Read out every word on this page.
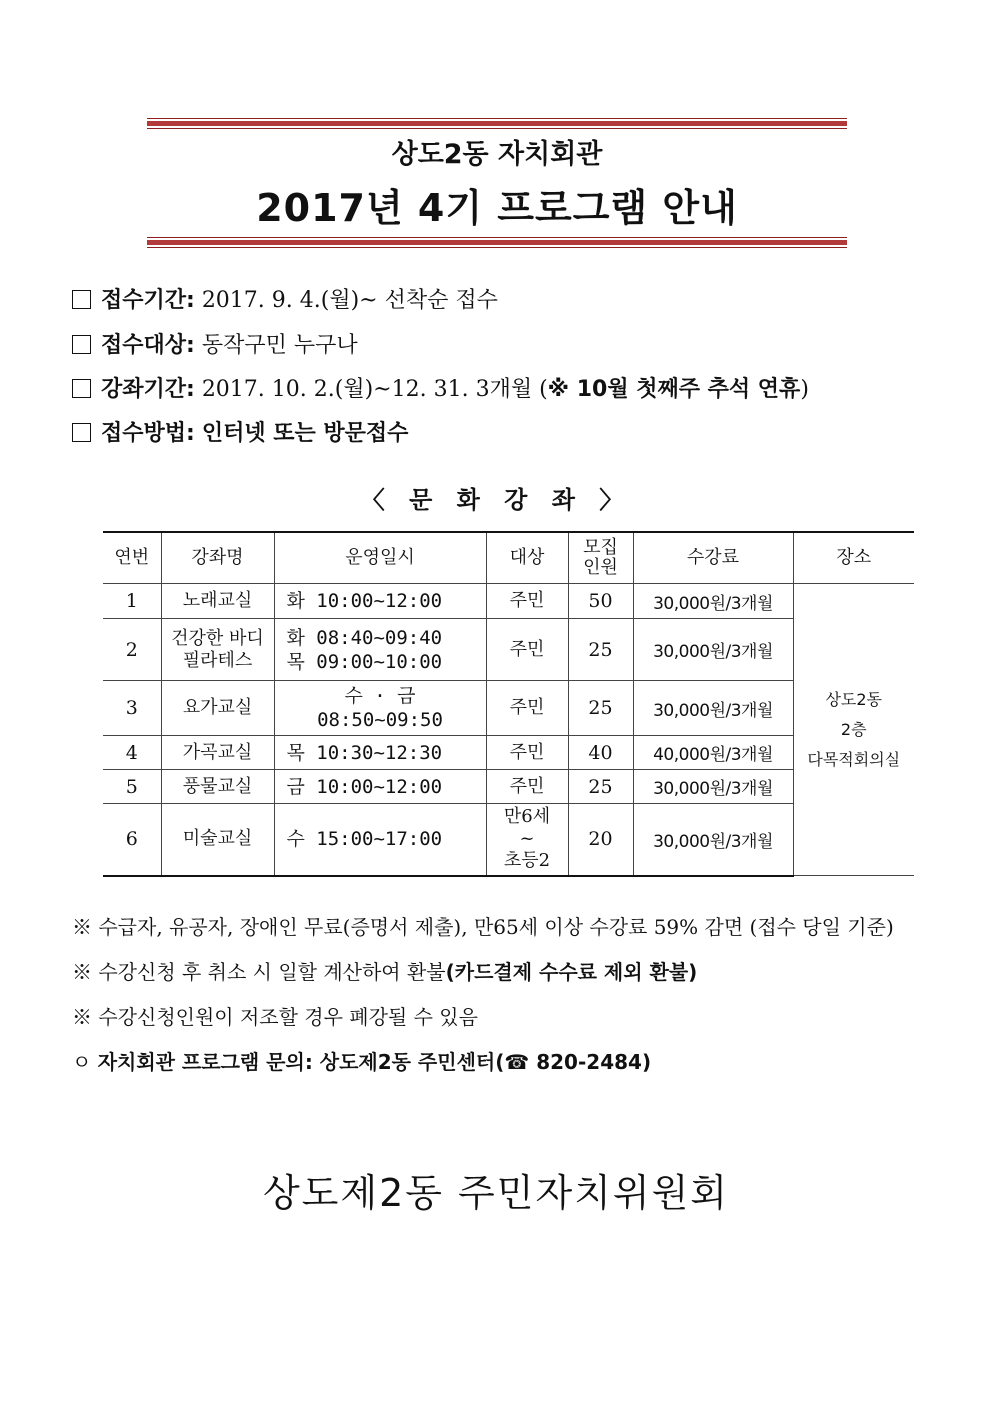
상도2동 자치회관
2017년 4기 프로그램 안내
접수기간: 2017. 9. 4.(월)~ 선착순 접수
접수대상: 동작구민 누구나
강좌기간: 2017. 10. 2.(월)~12. 31. 3개월 (※ 10월 첫째주 추석 연휴)
접수방법: 인터넷 또는 방문접수
〈 문 화 강 좌 〉
연번	강좌명	운영일시	대상	모집
인원	수강료	장소
1	노래교실	화 10:00~12:00	주민	50	30,000원/3개월	상도2동
2층
다목적회의실
2	건강한 바디
필라테스	화 08:40~09:40
목 09:00~10:00	주민	25	30,000원/3개월	
3	요가교실	수 · 금
08:50~09:50	주민	25	30,000원/3개월	
4	가곡교실	목 10:30~12:30	주민	40	40,000원/3개월	
5	풍물교실	금 10:00~12:00	주민	25	30,000원/3개월	
6	미술교실	수 15:00~17:00	만6세
~
초등2	20	30,000원/3개월	
※ 수급자, 유공자, 장애인 무료(증명서 제출), 만65세 이상 수강료 59% 감면 (접수 당일 기준)
※ 수강신청 후 취소 시 일할 계산하여 환불(카드결제 수수료 제외 환불)
※ 수강신청인원이 저조할 경우 폐강될 수 있음
ㅇ 자치회관 프로그램 문의: 상도제2동 주민센터(☎ 820-2484)
상도제2동 주민자치위원회
